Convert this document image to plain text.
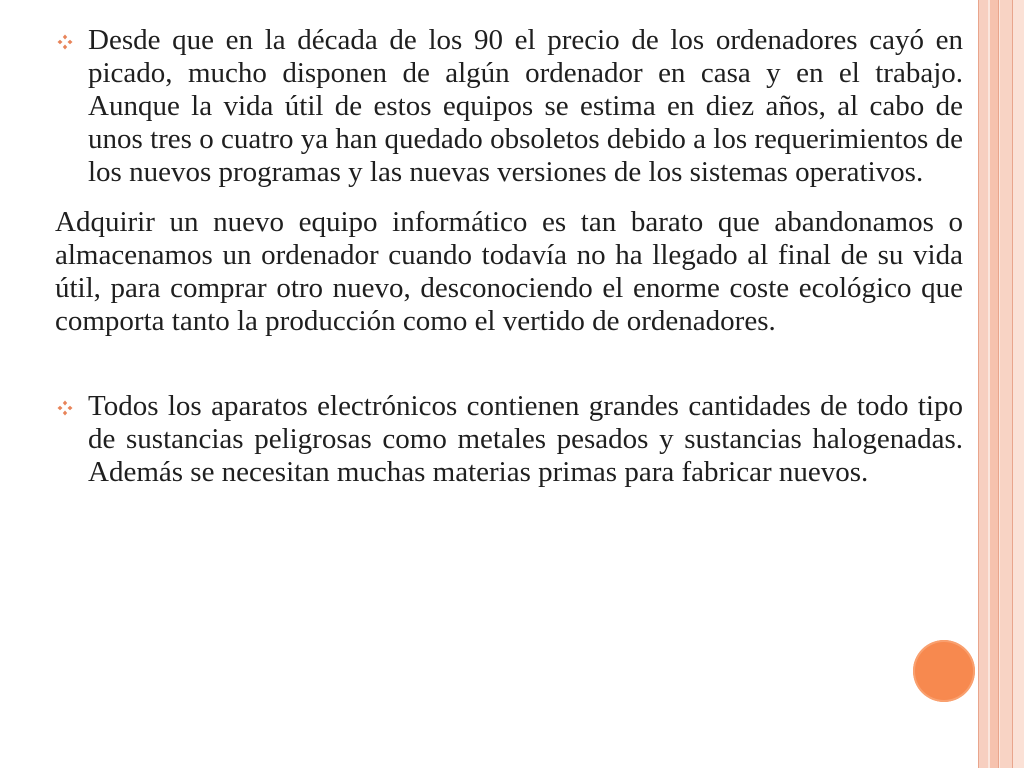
Desde que en la década de los 90 el precio de los ordenadores cayó en picado, mucho disponen de algún ordenador en casa y en el trabajo. Aunque la vida útil de estos equipos se estima en diez años, al cabo de unos tres o cuatro ya han quedado obsoletos debido a los requerimientos de los nuevos programas y las nuevas versiones de los sistemas operativos.

Adquirir un nuevo equipo informático es tan barato que abandonamos o almacenamos un ordenador cuando todavía no ha llegado al final de su vida útil, para comprar otro nuevo, desconociendo el enorme coste ecológico que comporta tanto la producción como el vertido de ordenadores.

Todos los aparatos electrónicos contienen grandes cantidades de todo tipo de sustancias peligrosas como metales pesados y sustancias halogenadas. Además se necesitan muchas materias primas para fabricar nuevos.
